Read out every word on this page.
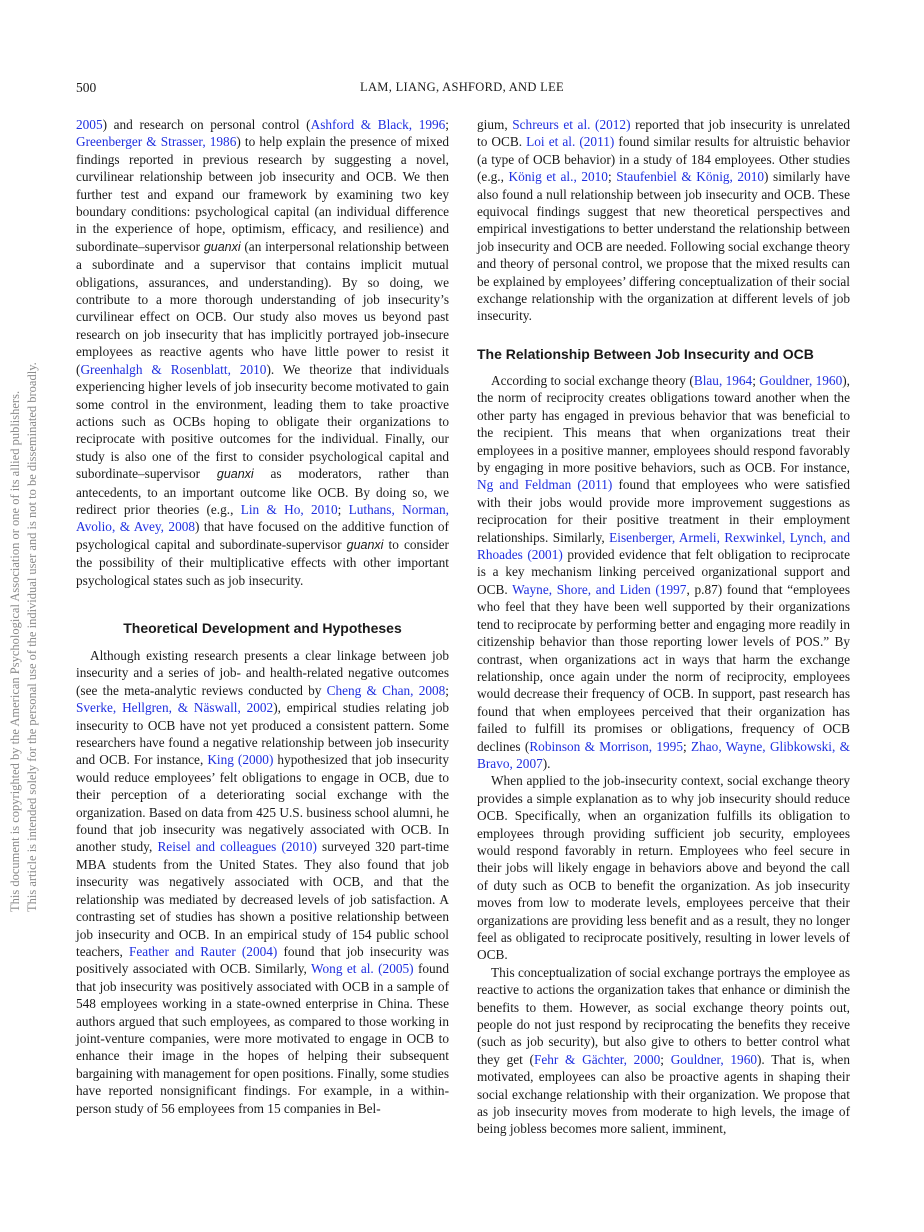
500	LAM, LIANG, ASHFORD, AND LEE
This document is copyrighted by the American Psychological Association or one of its allied publishers. This article is intended solely for the personal use of the individual user and is not to be disseminated broadly.

2005) and research on personal control (Ashford & Black, 1996; Greenberger & Strasser, 1986) to help explain the presence of mixed findings reported in previous research by suggesting a novel, curvilinear relationship between job insecurity and OCB. We then further test and expand our framework by examining two key boundary conditions: psychological capital (an individual difference in the experience of hope, optimism, efficacy, and resilience) and subordinate–supervisor guanxi (an interpersonal relationship between a subordinate and a supervisor that contains implicit mutual obligations, assurances, and understanding). By so doing, we contribute to a more thorough understanding of job insecurity’s curvilinear effect on OCB. Our study also moves us beyond past research on job insecurity that has implicitly portrayed job-insecure employees as reactive agents who have little power to resist it (Greenhalgh & Rosenblatt, 2010). We theorize that individuals experiencing higher levels of job insecurity become motivated to gain some control in the environment, leading them to take proactive actions such as OCBs hoping to obligate their organizations to reciprocate with positive outcomes for the individual. Finally, our study is also one of the first to consider psychological capital and subordinate–supervisor guanxi as moderators, rather than antecedents, to an important outcome like OCB. By doing so, we redirect prior theories (e.g., Lin & Ho, 2010; Luthans, Norman, Avolio, & Avey, 2008) that have focused on the additive function of psychological capital and subordinate-supervisor guanxi to consider the possibility of their multiplicative effects with other important psychological states such as job insecurity.

Theoretical Development and Hypotheses

Although existing research presents a clear linkage between job insecurity and a series of job- and health-related negative outcomes (see the meta-analytic reviews conducted by Cheng & Chan, 2008; Sverke, Hellgren, & Näswall, 2002), empirical studies relating job insecurity to OCB have not yet produced a consistent pattern. Some researchers have found a negative relationship between job insecurity and OCB. For instance, King (2000) hypothesized that job insecurity would reduce employees’ felt obligations to engage in OCB, due to their perception of a deteriorating social exchange with the organization. Based on data from 425 U.S. business school alumni, he found that job insecurity was negatively associated with OCB. In another study, Reisel and colleagues (2010) surveyed 320 part-time MBA students from the United States. They also found that job insecurity was negatively associated with OCB, and that the relationship was mediated by decreased levels of job satisfaction. A contrasting set of studies has shown a positive relationship between job insecurity and OCB. In an empirical study of 154 public school teachers, Feather and Rauter (2004) found that job insecurity was positively associated with OCB. Similarly, Wong et al. (2005) found that job insecurity was positively associated with OCB in a sample of 548 employees working in a state-owned enterprise in China. These authors argued that such employees, as compared to those working in joint-venture companies, were more motivated to engage in OCB to enhance their image in the hopes of helping their subsequent bargaining with management for open positions. Finally, some studies have reported nonsignificant findings. For example, in a within-person study of 56 employees from 15 companies in Bel-

gium, Schreurs et al. (2012) reported that job insecurity is unrelated to OCB. Loi et al. (2011) found similar results for altruistic behavior (a type of OCB behavior) in a study of 184 employees. Other studies (e.g., König et al., 2010; Staufenbiel & König, 2010) similarly have also found a null relationship between job insecurity and OCB. These equivocal findings suggest that new theoretical perspectives and empirical investigations to better understand the relationship between job insecurity and OCB are needed. Following social exchange theory and theory of personal control, we propose that the mixed results can be explained by employees’ differing conceptualization of their social exchange relationship with the organization at different levels of job insecurity.

The Relationship Between Job Insecurity and OCB

According to social exchange theory (Blau, 1964; Gouldner, 1960), the norm of reciprocity creates obligations toward another when the other party has engaged in previous behavior that was beneficial to the recipient. This means that when organizations treat their employees in a positive manner, employees should respond favorably by engaging in more positive behaviors, such as OCB. For instance, Ng and Feldman (2011) found that employees who were satisfied with their jobs would provide more improvement suggestions as reciprocation for their positive treatment in their employment relationships. Similarly, Eisenberger, Armeli, Rexwinkel, Lynch, and Rhoades (2001) provided evidence that felt obligation to reciprocate is a key mechanism linking perceived organizational support and OCB. Wayne, Shore, and Liden (1997, p.87) found that “employees who feel that they have been well supported by their organizations tend to reciprocate by performing better and engaging more readily in citizenship behavior than those reporting lower levels of POS.” By contrast, when organizations act in ways that harm the exchange relationship, once again under the norm of reciprocity, employees would decrease their frequency of OCB. In support, past research has found that when employees perceived that their organization has failed to fulfill its promises or obligations, frequency of OCB declines (Robinson & Morrison, 1995; Zhao, Wayne, Glibkowski, & Bravo, 2007).

When applied to the job-insecurity context, social exchange theory provides a simple explanation as to why job insecurity should reduce OCB. Specifically, when an organization fulfills its obligation to employees through providing sufficient job security, employees would respond favorably in return. Employees who feel secure in their jobs will likely engage in behaviors above and beyond the call of duty such as OCB to benefit the organization. As job insecurity moves from low to moderate levels, employees perceive that their organizations are providing less benefit and as a result, they no longer feel as obligated to reciprocate positively, resulting in lower levels of OCB.

This conceptualization of social exchange portrays the employee as reactive to actions the organization takes that enhance or diminish the benefits to them. However, as social exchange theory points out, people do not just respond by reciprocating the benefits they receive (such as job security), but also give to others to better control what they get (Fehr & Gächter, 2000; Gouldner, 1960). That is, when motivated, employees can also be proactive agents in shaping their social exchange relationship with their organization. We propose that as job insecurity moves from moderate to high levels, the image of being jobless becomes more salient, imminent,
